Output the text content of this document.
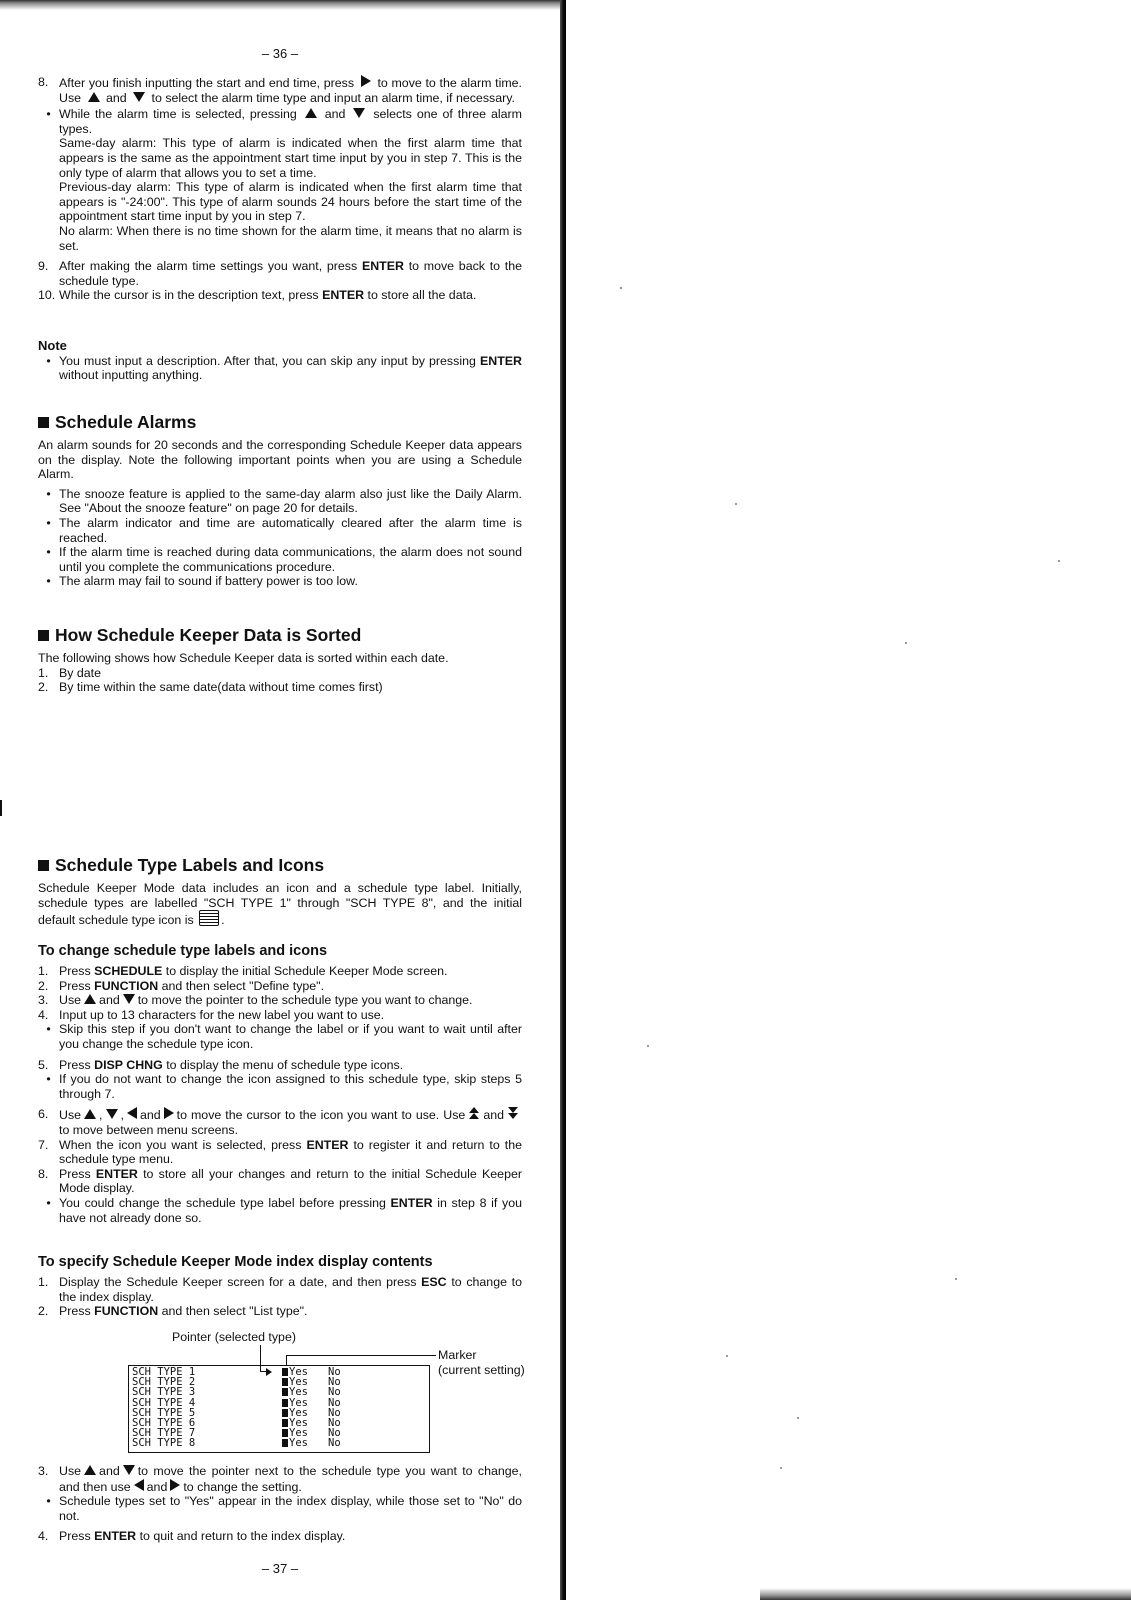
– 36 –
8. After you finish inputting the start and end time, press to move to the alarm time. Use and to select the alarm time type and input an alarm time, if necessary.
• While the alarm time is selected, pressing and selects one of three alarm types.
Same-day alarm: This type of alarm is indicated when the first alarm time that appears is the same as the appointment start time input by you in step 7. This is the only type of alarm that allows you to set a time.
Previous-day alarm: This type of alarm is indicated when the first alarm time that appears is "-24:00". This type of alarm sounds 24 hours before the start time of the appointment start time input by you in step 7.
No alarm: When there is no time shown for the alarm time, it means that no alarm is set.
9. After making the alarm time settings you want, press ENTER to move back to the schedule type.
10. While the cursor is in the description text, press ENTER to store all the data.
Note
• You must input a description. After that, you can skip any input by pressing ENTER without inputting anything.
Schedule Alarms
An alarm sounds for 20 seconds and the corresponding Schedule Keeper data appears on the display. Note the following important points when you are using a Schedule Alarm.
• The snooze feature is applied to the same-day alarm also just like the Daily Alarm. See "About the snooze feature" on page 20 for details.
• The alarm indicator and time are automatically cleared after the alarm time is reached.
• If the alarm time is reached during data communications, the alarm does not sound until you complete the communications procedure.
• The alarm may fail to sound if battery power is too low.
How Schedule Keeper Data is Sorted
The following shows how Schedule Keeper data is sorted within each date.
1. By date
2. By time within the same date(data without time comes first)
Schedule Type Labels and Icons
Schedule Keeper Mode data includes an icon and a schedule type label. Initially, schedule types are labelled "SCH TYPE 1" through "SCH TYPE 8", and the initial default schedule type icon is .
To change schedule type labels and icons
1. Press SCHEDULE to display the initial Schedule Keeper Mode screen.
2. Press FUNCTION and then select "Define type".
3. Use and to move the pointer to the schedule type you want to change.
4. Input up to 13 characters for the new label you want to use.
• Skip this step if you don't want to change the label or if you want to wait until after you change the schedule type icon.
5. Press DISP CHNG to display the menu of schedule type icons.
• If you do not want to change the icon assigned to this schedule type, skip steps 5 through 7.
6. Use , , and to move the cursor to the icon you want to use. Use and
to move between menu screens.
7. When the icon you want is selected, press ENTER to register it and return to the schedule type menu.
8. Press ENTER to store all your changes and return to the initial Schedule Keeper Mode display.
• You could change the schedule type label before pressing ENTER in step 8 if you have not already done so.
To specify Schedule Keeper Mode index display contents
1. Display the Schedule Keeper screen for a date, and then press ESC to change to the index display.
2. Press FUNCTION and then select "List type".
3. Use and to move the pointer next to the schedule type you want to change, and then use and to change the setting.
• Schedule types set to "Yes" appear in the index display, while those set to "No" do not.
4. Press ENTER to quit and return to the index display.
– 37 –
Pointer (selected type)
Marker
(current setting)
SCH TYPE 1	Yes	No
SCH TYPE 2	Yes	No
SCH TYPE 3	Yes	No
SCH TYPE 4	Yes	No
SCH TYPE 5	Yes	No
SCH TYPE 6	Yes	No
SCH TYPE 7	Yes	No
SCH TYPE 8	Yes	No
